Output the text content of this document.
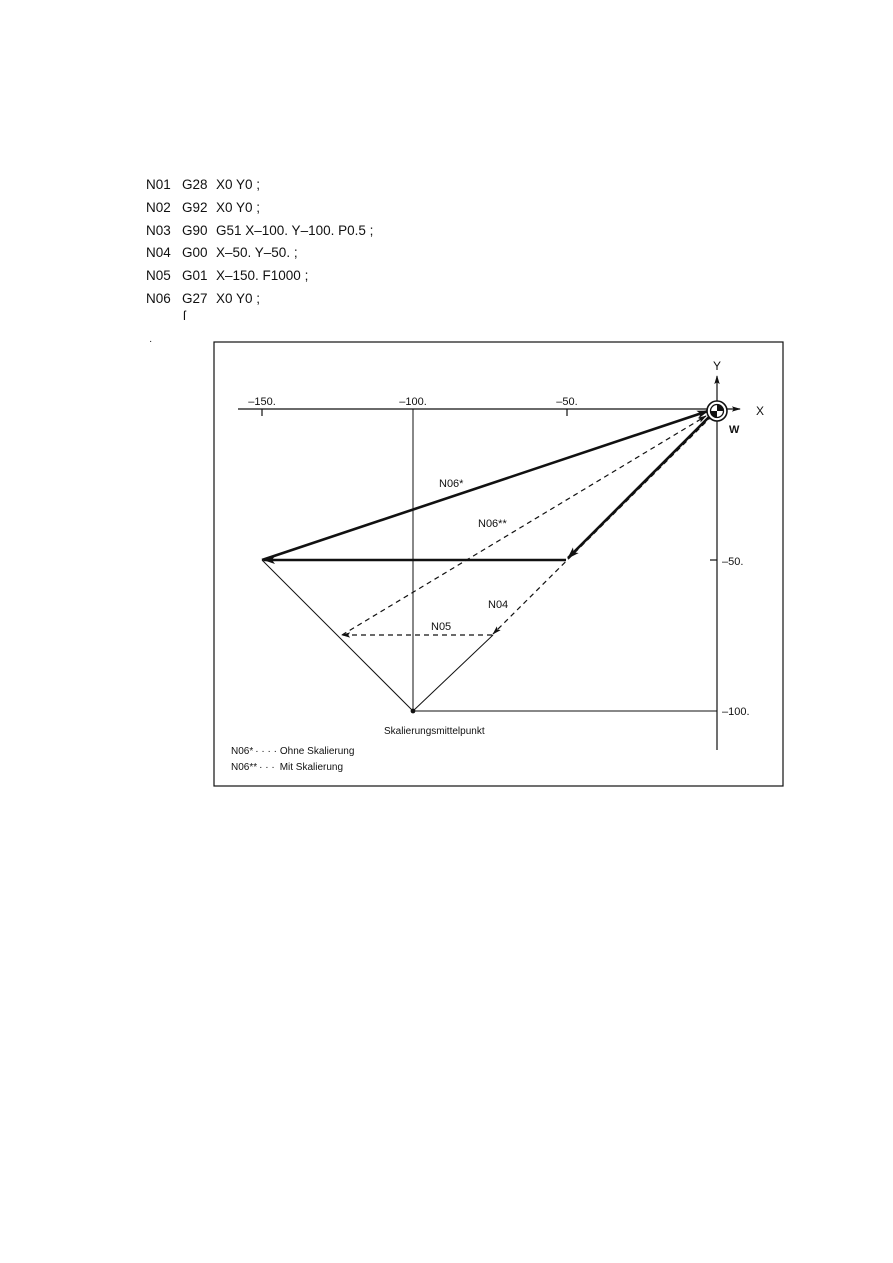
N01 G28 X0 Y0 ;
N02 G92 X0 Y0 ;
N03 G90 G51 X–100. Y–100. P0.5 ;
N04 G00 X–50. Y–50. ;
N05 G01 X–150. F1000 ;
N06 G27 X0 Y0 ;
ſ
·
Y
X
W
–150.	–100.	–50.
–50.
–100.
N06*
N06**
N04
N05
Skalierungsmittelpunkt
N06* · · · · Ohne Skalierung
N06** · · · Mit Skalierung
